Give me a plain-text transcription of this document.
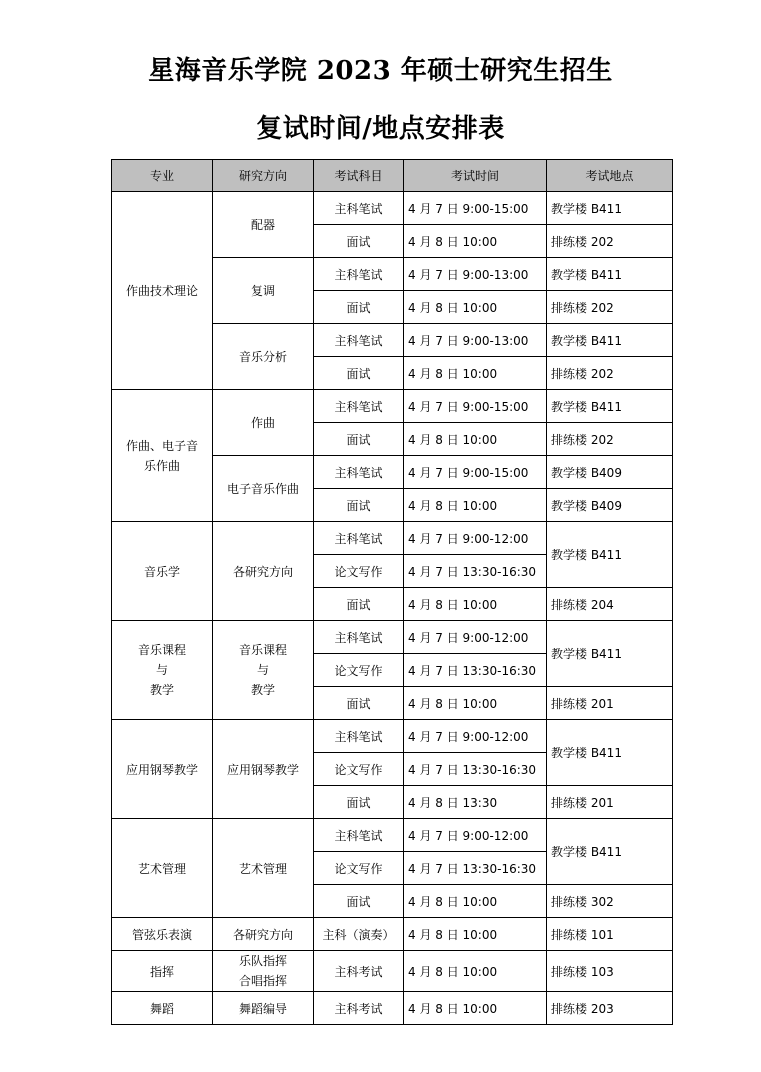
星海音乐学院 2023 年硕士研究生招生
复试时间/地点安排表
专业	研究方向	考试科目	考试时间	考试地点
作曲技术理论	配器	主科笔试	4 月 7 日 9:00-15:00	教学楼 B411
		面试	4 月 8 日 10:00	排练楼 202
	复调	主科笔试	4 月 7 日 9:00-13:00	教学楼 B411
		面试	4 月 8 日 10:00	排练楼 202
	音乐分析	主科笔试	4 月 7 日 9:00-13:00	教学楼 B411
		面试	4 月 8 日 10:00	排练楼 202
作曲、电子音
乐作曲	作曲	主科笔试	4 月 7 日 9:00-15:00	教学楼 B411
		面试	4 月 8 日 10:00	排练楼 202
	电子音乐作曲	主科笔试	4 月 7 日 9:00-15:00	教学楼 B409
		面试	4 月 8 日 10:00	教学楼 B409
音乐学	各研究方向	主科笔试	4 月 7 日 9:00-12:00	教学楼 B411
		论文写作	4 月 7 日 13:30-16:30	
		面试	4 月 8 日 10:00	排练楼 204
音乐课程
与
教学	音乐课程
与
教学	主科笔试	4 月 7 日 9:00-12:00	教学楼 B411
		论文写作	4 月 7 日 13:30-16:30	
		面试	4 月 8 日 10:00	排练楼 201
应用钢琴教学	应用钢琴教学	主科笔试	4 月 7 日 9:00-12:00	教学楼 B411
		论文写作	4 月 7 日 13:30-16:30	
		面试	4 月 8 日 13:30	排练楼 201
艺术管理	艺术管理	主科笔试	4 月 7 日 9:00-12:00	教学楼 B411
		论文写作	4 月 7 日 13:30-16:30	
		面试	4 月 8 日 10:00	排练楼 302
管弦乐表演	各研究方向	主科（演奏）	4 月 8 日 10:00	排练楼 101
指挥	乐队指挥
合唱指挥	主科考试	4 月 8 日 10:00	排练楼 103
舞蹈	舞蹈编导	主科考试	4 月 8 日 10:00	排练楼 203
